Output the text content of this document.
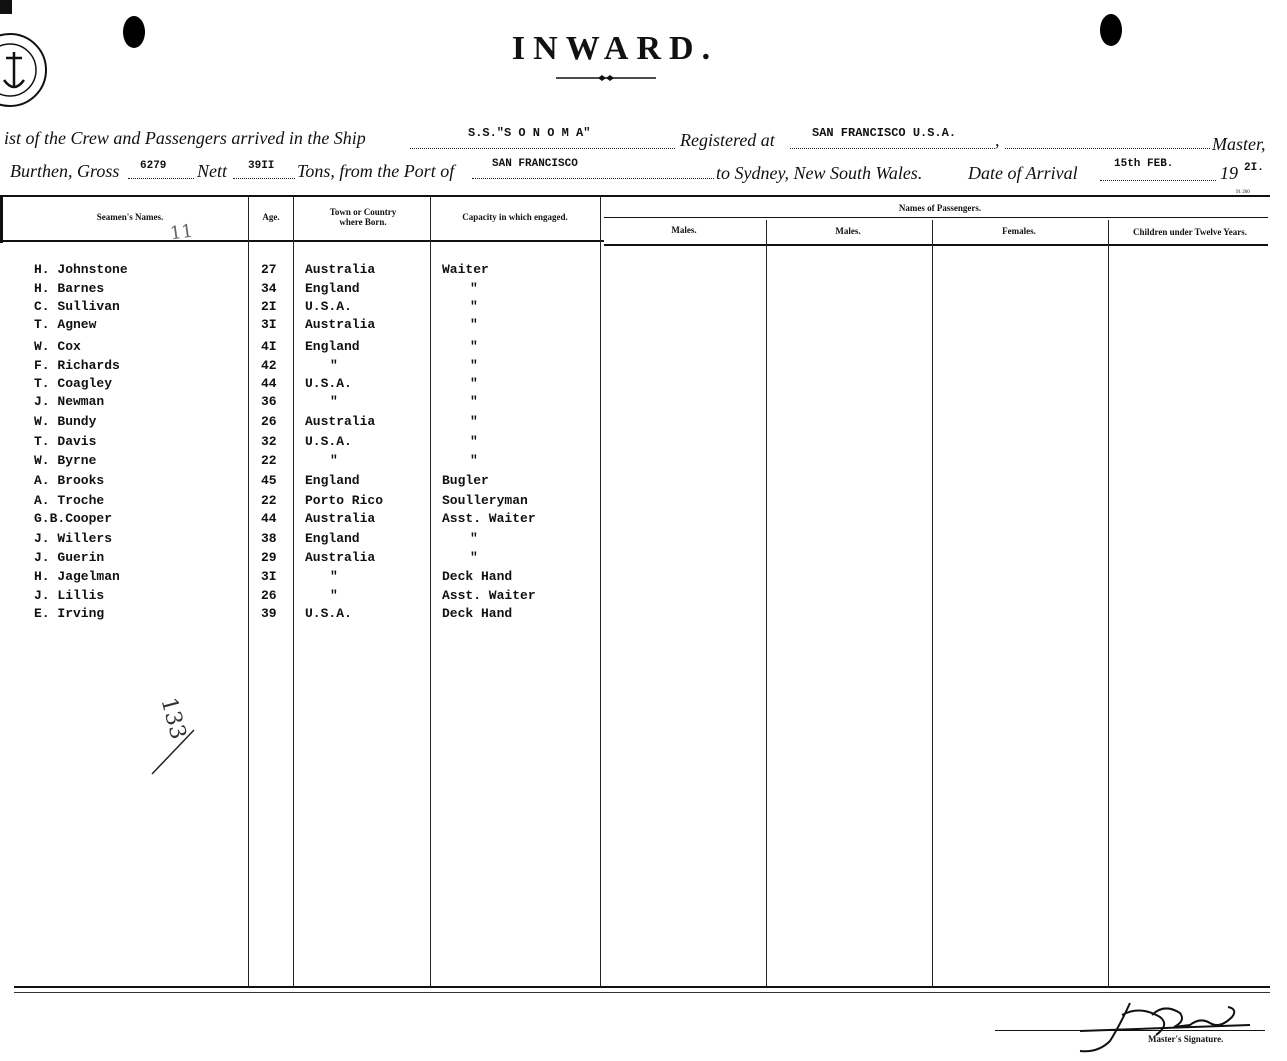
INWARD.
ist of the Crew and Passengers arrived in the Ship	S.S."S O N O M A"	Registered at	SAN FRANCISCO U.S.A. ,	Master,
Burthen, Gross 6279 Nett 39II Tons, from the Port of	SAN FRANCISCO	to Sydney, New South Wales.	Date of Arrival	15th FEB.	19 2I.
91 260
Seamen's Names.	Age.	Town or Country where Born.	Capacity in which engaged.
Names of Passengers.
Males.	Males.	Females.	Children under Twelve Years.
11
H. Johnstone	27 Australia	Waiter
H. Barnes	34 England	"
C. Sullivan	2I U.S.A.	"
T. Agnew	3I Australia	"
W. Cox	4I England	"
F. Richards	42	"	"
T. Coagley	44 U.S.A.	"
J. Newman	36	"	"
W. Bundy	26 Australia	"
T. Davis	32 U.S.A.	"
W. Byrne	22	"	"
A. Brooks	45 England	Bugler
A. Troche	22 Porto Rico	Soulleryman
G.B.Cooper	44 Australia	Asst. Waiter
J. Willers	38 England	"
J. Guerin	29 Australia	"
H. Jagelman	3I	"	Deck Hand
J. Lillis	26	"	Asst. Waiter
E. Irving	39 U.S.A.	Deck Hand
133
Master's Signature.
